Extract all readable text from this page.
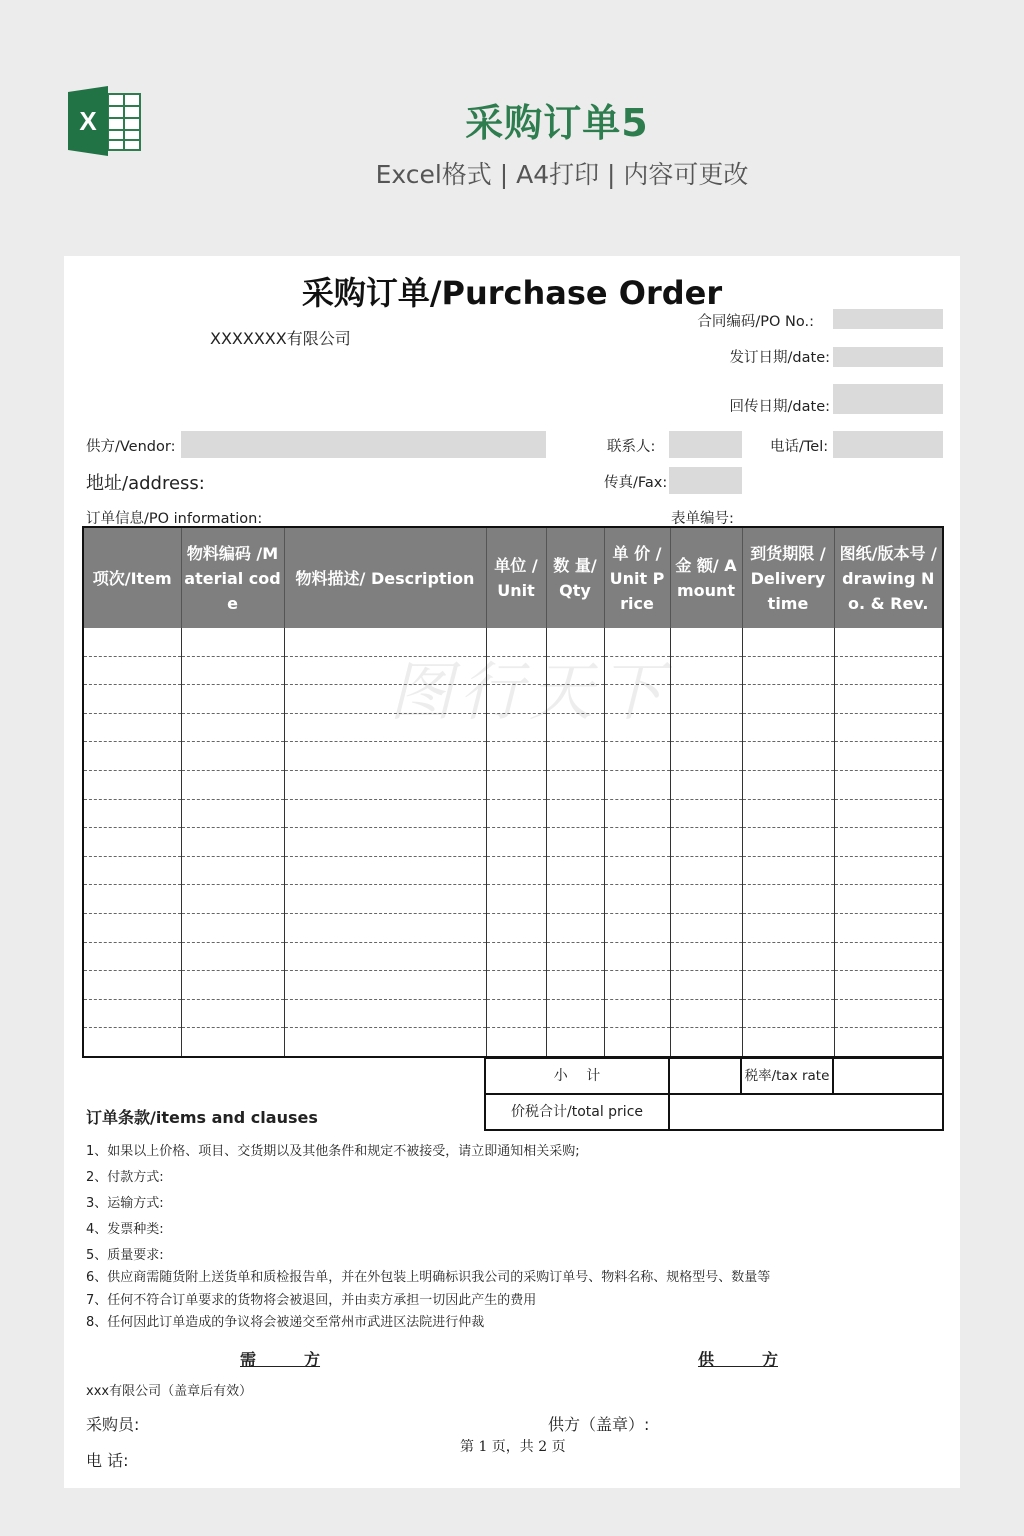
X	采购订单5
Excel格式 | A4打印 | 内容可更改
图行天下
采购订单/Purchase Order
XXXXXXX有限公司
合同编码/PO No.:
发订日期/date:
回传日期/date:
供方/Vendor:	联系人:	电话/Tel:
地址/address:	传真/Fax:
订单信息/PO information:	表单编号:
项次/Item	物料编码 /Material code	物料描述/ Description	单位 /Unit	数 量/ Qty	单 价 /Unit Price	金 额/ Amount	到货期限 /Delivery time	图纸/版本号 /drawing No. & Rev.

小　 计		税率/tax rate	
价税合计/total price			
订单条款/items and clauses
1、如果以上价格、项目、交货期以及其他条件和规定不被接受，请立即通知相关采购;
2、付款方式:
3、运输方式:
4、发票种类:
5、质量要求:
6、供应商需随货附上送货单和质检报告单，并在外包装上明确标识我公司的采购订单号、物料名称、规格型号、数量等
7、任何不符合订单要求的货物将会被退回，并由卖方承担一切因此产生的费用
8、任何因此订单造成的争议将会被递交至常州市武进区法院进行仲裁
需　　　方	供　　　方
xxx有限公司（盖章后有效）
采购员:	供方（盖章）:
第 1 页，共 2 页
电 话:
